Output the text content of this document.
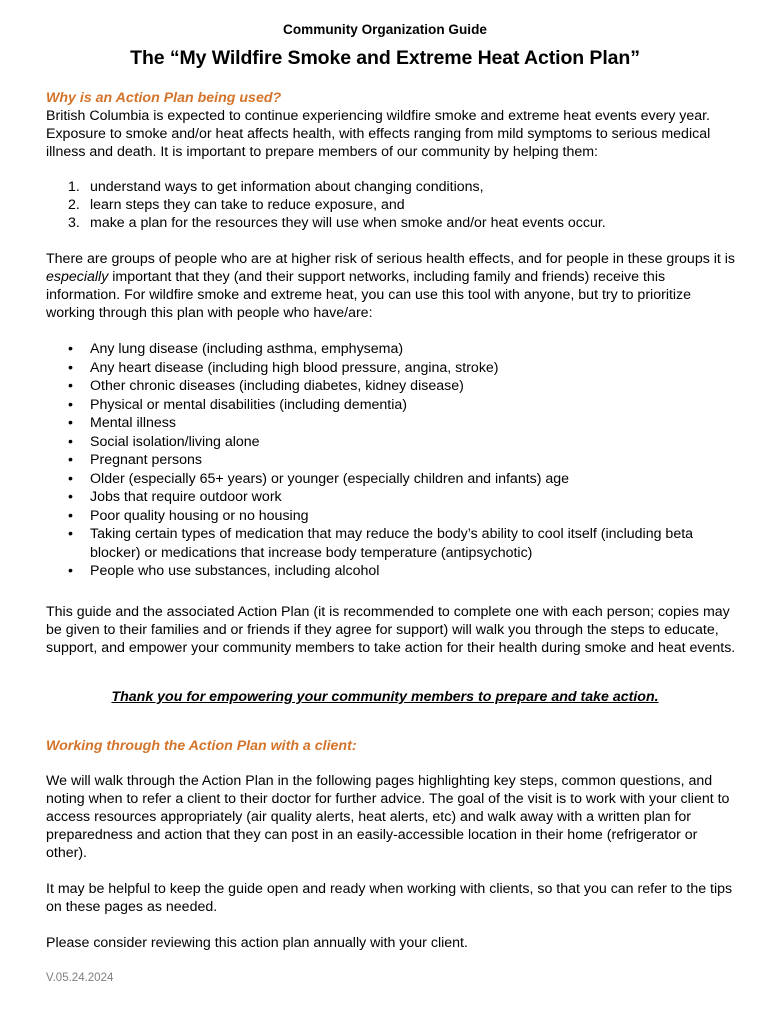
Community Organization Guide
The “My Wildfire Smoke and Extreme Heat Action Plan”
Why is an Action Plan being used?

British Columbia is expected to continue experiencing wildfire smoke and extreme heat events every year. Exposure to smoke and/or heat affects health, with effects ranging from mild symptoms to serious medical illness and death. It is important to prepare members of our community by helping them:

1. understand ways to get information about changing conditions,
2. learn steps they can take to reduce exposure, and
3. make a plan for the resources they will use when smoke and/or heat events occur.

There are groups of people who are at higher risk of serious health effects, and for people in these groups it is especially important that they (and their support networks, including family and friends) receive this information. For wildfire smoke and extreme heat, you can use this tool with anyone, but try to prioritize working through this plan with people who have/are:

• Any lung disease (including asthma, emphysema)
• Any heart disease (including high blood pressure, angina, stroke)
• Other chronic diseases (including diabetes, kidney disease)
• Physical or mental disabilities (including dementia)
• Mental illness
• Social isolation/living alone
• Pregnant persons
• Older (especially 65+ years) or younger (especially children and infants) age
• Jobs that require outdoor work
• Poor quality housing or no housing
• Taking certain types of medication that may reduce the body’s ability to cool itself (including beta blocker) or medications that increase body temperature (antipsychotic)
• People who use substances, including alcohol

This guide and the associated Action Plan (it is recommended to complete one with each person; copies may be given to their families and or friends if they agree for support) will walk you through the steps to educate, support, and empower your community members to take action for their health during smoke and heat events.

Thank you for empowering your community members to prepare and take action.
Working through the Action Plan with a client:

We will walk through the Action Plan in the following pages highlighting key steps, common questions, and noting when to refer a client to their doctor for further advice. The goal of the visit is to work with your client to access resources appropriately (air quality alerts, heat alerts, etc) and walk away with a written plan for preparedness and action that they can post in an easily-accessible location in their home (refrigerator or other).

It may be helpful to keep the guide open and ready when working with clients, so that you can refer to the tips on these pages as needed.

Please consider reviewing this action plan annually with your client.

V.05.24.2024
